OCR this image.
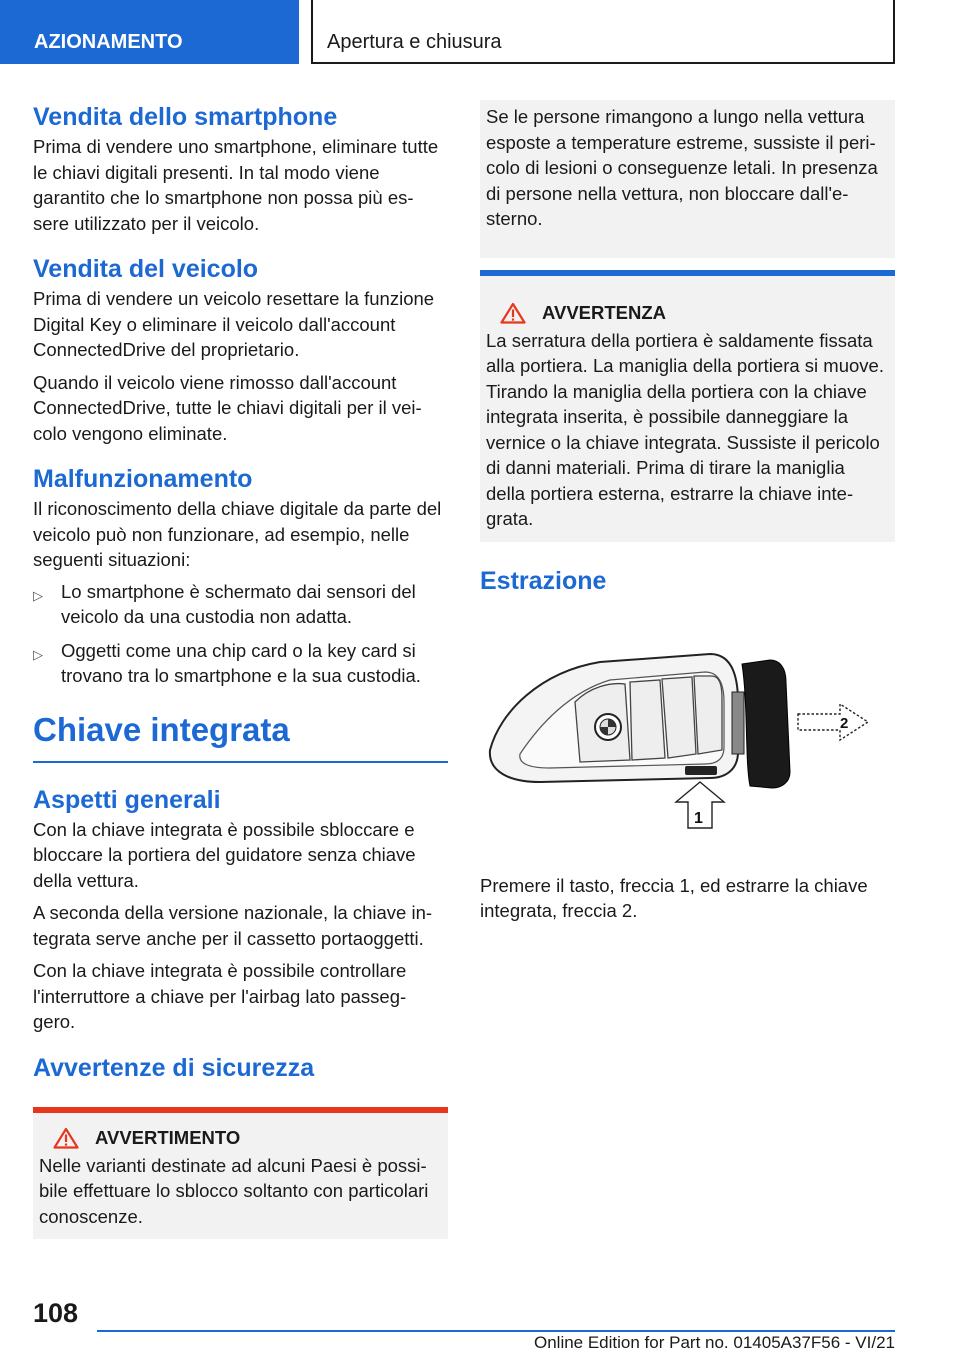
AZIONAMENTO	Apertura e chiusura
Vendita dello smartphone

Prima di vendere uno smartphone, eliminare tutte le chiavi digitali presenti. In tal modo viene garantito che lo smartphone non possa più es-sere utilizzato per il veicolo.

Vendita del veicolo

Prima di vendere un veicolo resettare la funzione Digital Key o eliminare il veicolo dall'account ConnectedDrive del proprietario.

Quando il veicolo viene rimosso dall'account ConnectedDrive, tutte le chiavi digitali per il vei-colo vengono eliminate.

Malfunzionamento

Il riconoscimento della chiave digitale da parte del veicolo può non funzionare, ad esempio, nelle seguenti situazioni:

▷ Lo smartphone è schermato dai sensori del veicolo da una custodia non adatta.
▷ Oggetti come una chip card o la key card si trovano tra lo smartphone e la sua custodia.
Chiave integrata
Aspetti generali

Con la chiave integrata è possibile sbloccare e bloccare la portiera del guidatore senza chiave della vettura.

A seconda della versione nazionale, la chiave in-tegrata serve anche per il cassetto portaoggetti.

Con la chiave integrata è possibile controllare l'interruttore a chiave per l'airbag lato passeg-gero.

Avvertenze di sicurezza
AVVERTIMENTO

Nelle varianti destinate ad alcuni Paesi è possi-bile effettuare lo sblocco soltanto con particolari conoscenze.

Se le persone rimangono a lungo nella vettura esposte a temperature estreme, sussiste il peri-colo di lesioni o conseguenze letali. In presenza di persone nella vettura, non bloccare dall'e-sterno.

AVVERTENZA

La serratura della portiera è saldamente fissata alla portiera. La maniglia della portiera si muove. Tirando la maniglia della portiera con la chiave integrata inserita, è possibile danneggiare la vernice o la chiave integrata. Sussiste il pericolo di danni materiali. Prima di tirare la maniglia della portiera esterna, estrarre la chiave inte-grata.

Estrazione
2
1

Premere il tasto, freccia 1, ed estrarre la chiave integrata, freccia 2.

108
Online Edition for Part no. 01405A37F56 - VI/21
